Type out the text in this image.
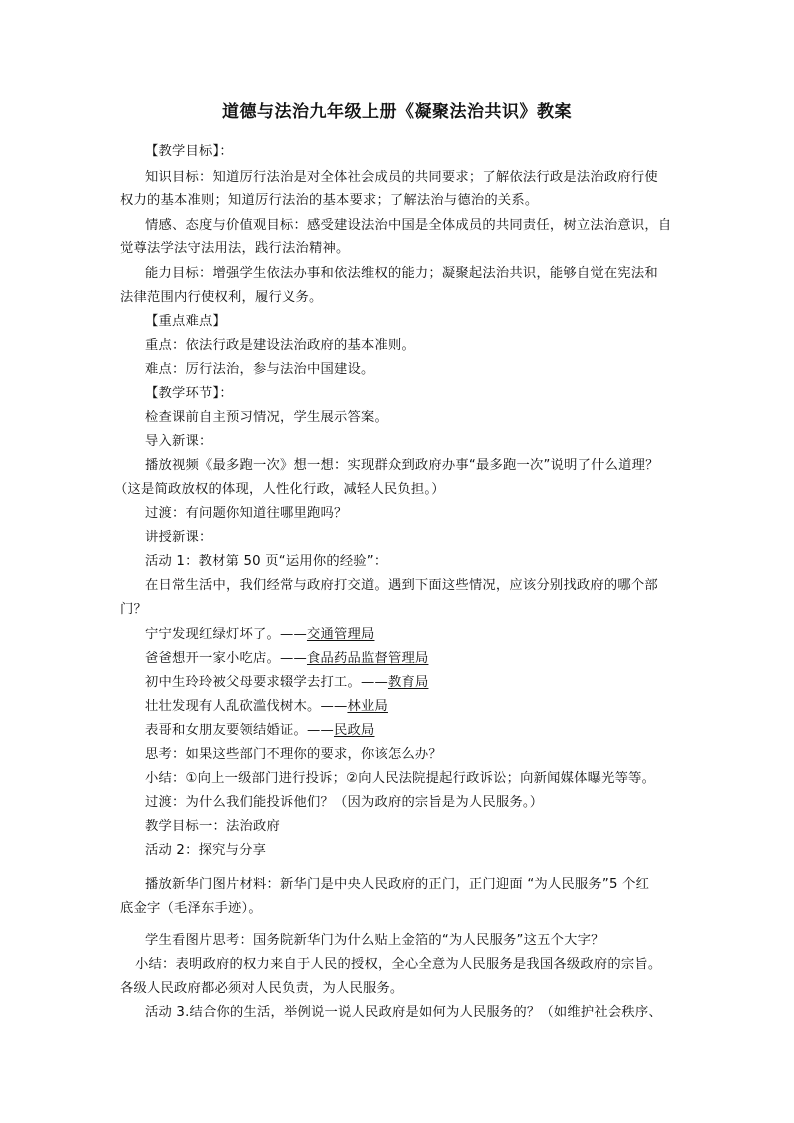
道德与法治九年级上册《凝聚法治共识》教案
【教学目标】：
知识目标：知道厉行法治是对全体社会成员的共同要求；了解依法行政是法治政府行使
权力的基本准则；知道厉行法治的基本要求；了解法治与德治的关系。
情感、态度与价值观目标：感受建设法治中国是全体成员的共同责任，树立法治意识，自
觉尊法学法守法用法，践行法治精神。
能力目标：增强学生依法办事和依法维权的能力；凝聚起法治共识，能够自觉在宪法和
法律范围内行使权利，履行义务。
【重点难点】
重点：依法行政是建设法治政府的基本准则。
难点：厉行法治，参与法治中国建设。
【教学环节】：
检查课前自主预习情况，学生展示答案。
导入新课：
播放视频《最多跑一次》想一想：实现群众到政府办事“最多跑一次”说明了什么道理？
（这是简政放权的体现，人性化行政，减轻人民负担。）
过渡：有问题你知道往哪里跑吗？
讲授新课：
活动 1：教材第 50 页“运用你的经验”：
在日常生活中，我们经常与政府打交道。遇到下面这些情况，应该分别找政府的哪个部
门？
宁宁发现红绿灯坏了。——交通管理局
爸爸想开一家小吃店。——食品药品监督管理局
初中生玲玲被父母要求辍学去打工。——教育局
壮壮发现有人乱砍滥伐树木。——林业局
表哥和女朋友要领结婚证。——民政局
思考：如果这些部门不理你的要求，你该怎么办？
小结：①向上一级部门进行投诉；②向人民法院提起行政诉讼；向新闻媒体曝光等等。
过渡：为什么我们能投诉他们？（因为政府的宗旨是为人民服务。）
教学目标一：法治政府
活动 2：探究与分享
播放新华门图片材料：新华门是中央人民政府的正门，正门迎面 “为人民服务”5 个红
底金字（毛泽东手迹）。
学生看图片思考：国务院新华门为什么贴上金箔的“为人民服务”这五个大字？
小结：表明政府的权力来自于人民的授权，全心全意为人民服务是我国各级政府的宗旨。
各级人民政府都必须对人民负责，为人民服务。
活动 3.结合你的生活，举例说一说人民政府是如何为人民服务的？（如维护社会秩序、
